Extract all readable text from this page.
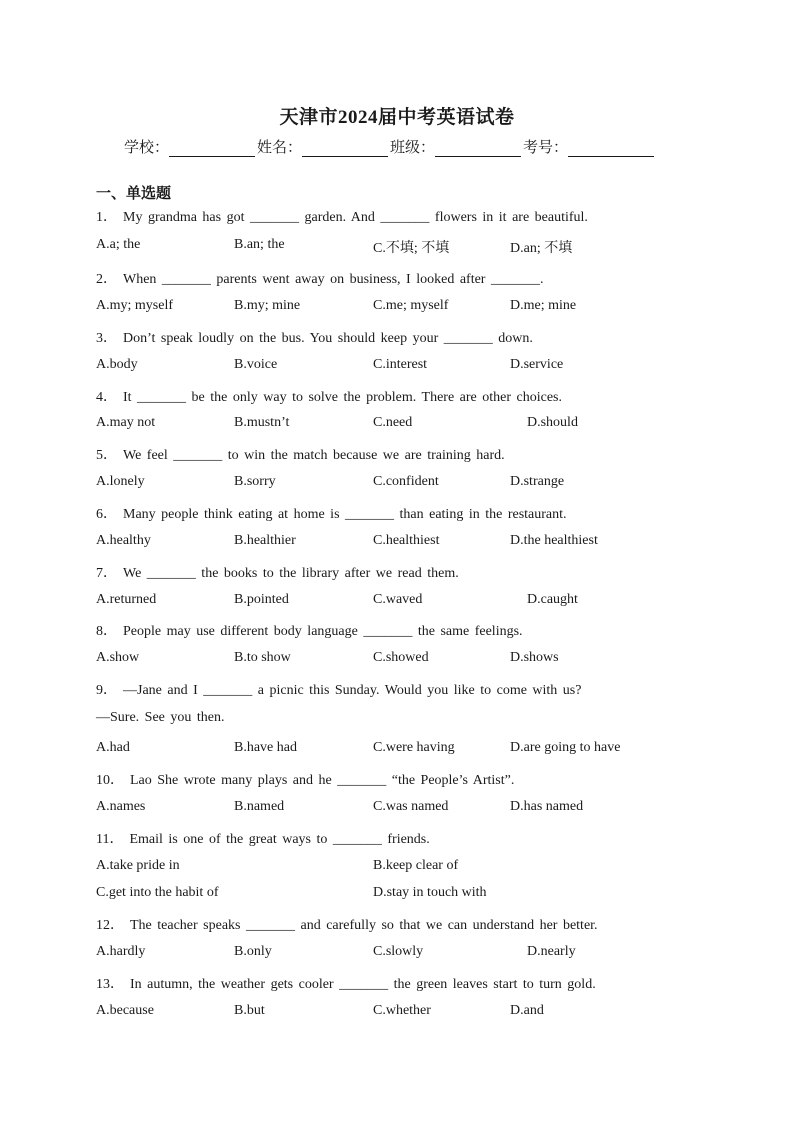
天津市2024届中考英语试卷
学校：	姓名：	班级：	考号：
一、单选题
1． My grandma has got _______ garden. And _______ flowers in it are beautiful.
A.a; the	B.an; the	C.不填; 不填	D.an; 不填
2． When _______ parents went away on business, I looked after _______.
A.my; myself	B.my; mine	C.me; myself	D.me; mine
3． Don’t speak loudly on the bus. You should keep your _______ down.
A.body	B.voice	C.interest	D.service
4． It _______ be the only way to solve the problem. There are other choices.
A.may not	B.mustn’t	C.need	D.should
5． We feel _______ to win the match because we are training hard.
A.lonely	B.sorry	C.confident	D.strange
6． Many people think eating at home is _______ than eating in the restaurant.
A.healthy	B.healthier	C.healthiest	D.the healthiest
7． We _______ the books to the library after we read them.
A.returned	B.pointed	C.waved	D.caught
8． People may use different body language _______ the same feelings.
A.show	B.to show	C.showed	D.shows
9． —Jane and I _______ a picnic this Sunday. Would you like to come with us?
—Sure. See you then.
A.had	B.have had	C.were having	D.are going to have
10． Lao She wrote many plays and he _______ “the People’s Artist”.
A.names	B.named	C.was named	D.has named
11． Email is one of the great ways to _______ friends.
A.take pride in	B.keep clear of
C.get into the habit of	D.stay in touch with
12． The teacher speaks _______ and carefully so that we can understand her better.
A.hardly	B.only	C.slowly	D.nearly
13． In autumn, the weather gets cooler _______ the green leaves start to turn gold.
A.because	B.but	C.whether	D.and
